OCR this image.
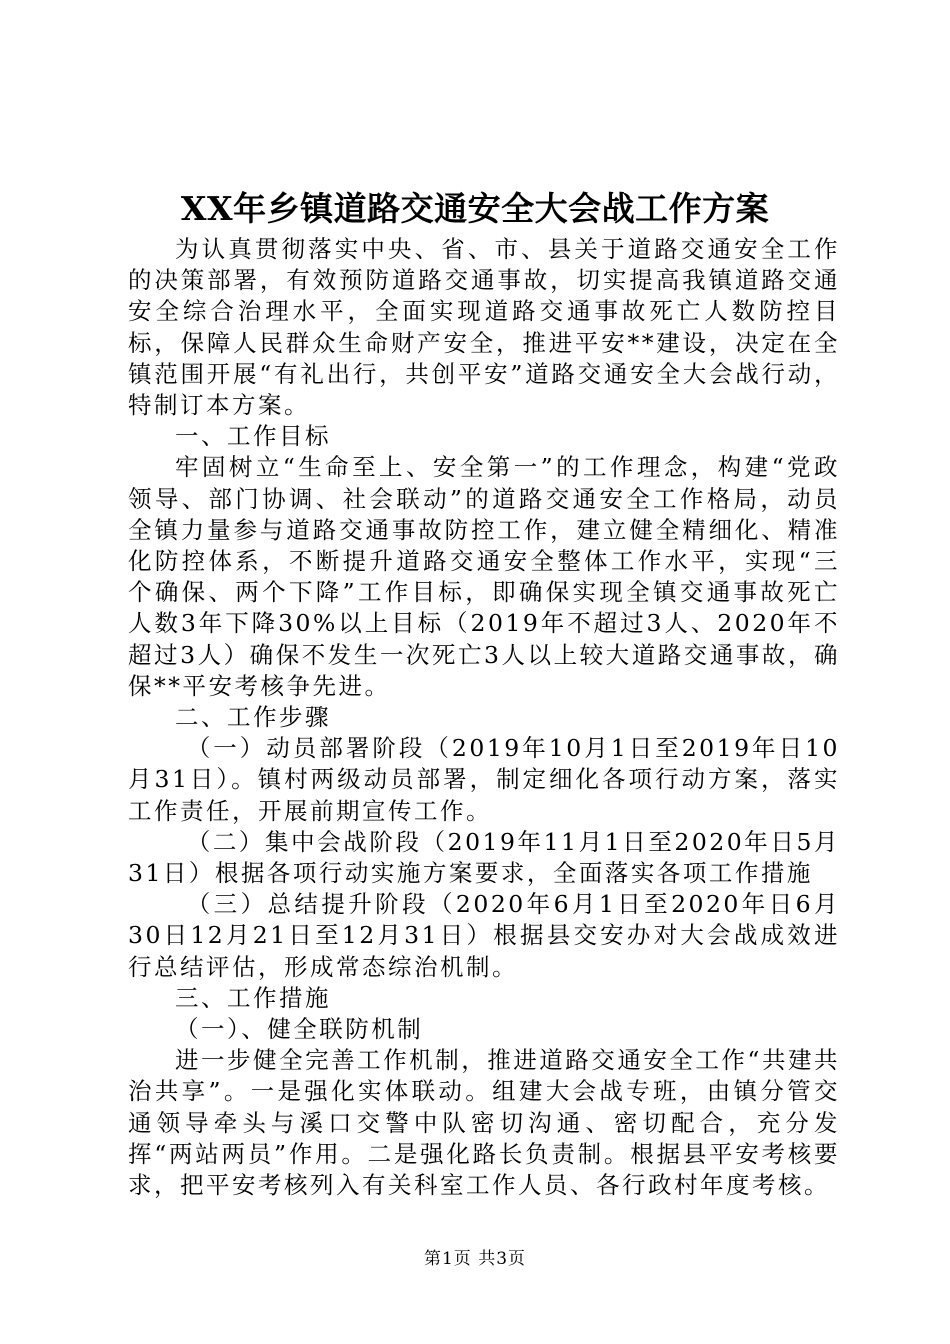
XX年乡镇道路交通安全大会战工作方案

为认真贯彻落实中央、省、市、县关于道路交通安全工作的决策部署，有效预防道路交通事故，切实提高我镇道路交通安全综合治理水平，全面实现道路交通事故死亡人数防控目标，保障人民群众生命财产安全，推进平安**建设，决定在全镇范围开展“有礼出行，共创平安”道路交通安全大会战行动，特制订本方案。

一、工作目标

牢固树立“生命至上、安全第一”的工作理念，构建“党政领导、部门协调、社会联动”的道路交通安全工作格局，动员全镇力量参与道路交通事故防控工作，建立健全精细化、精准化防控体系，不断提升道路交通安全整体工作水平，实现“三个确保、两个下降”工作目标，即确保实现全镇交通事故死亡人数3年下降30%以上目标（2019年不超过3人、2020年不超过3人）确保不发生一次死亡3人以上较大道路交通事故，确保**平安考核争先进。

二、工作步骤

（一）动员部署阶段（2019年10月1日至2019年日10月31日）。镇村两级动员部署，制定细化各项行动方案，落实工作责任，开展前期宣传工作。

（二）集中会战阶段（2019年11月1日至2020年日5月31日）根据各项行动实施方案要求，全面落实各项工作措施

（三）总结提升阶段（2020年6月1日至2020年日6月30日12月21日至12月31日）根据县交安办对大会战成效进行总结评估，形成常态综治机制。

三、工作措施

（一）、健全联防机制

进一步健全完善工作机制，推进道路交通安全工作“共建共治共享”。一是强化实体联动。组建大会战专班，由镇分管交通领导牵头与溪口交警中队密切沟通、密切配合，充分发挥“两站两员”作用。二是强化路长负责制。根据县平安考核要求，把平安考核列入有关科室工作人员、各行政村年度考核。

第1页 共3页
